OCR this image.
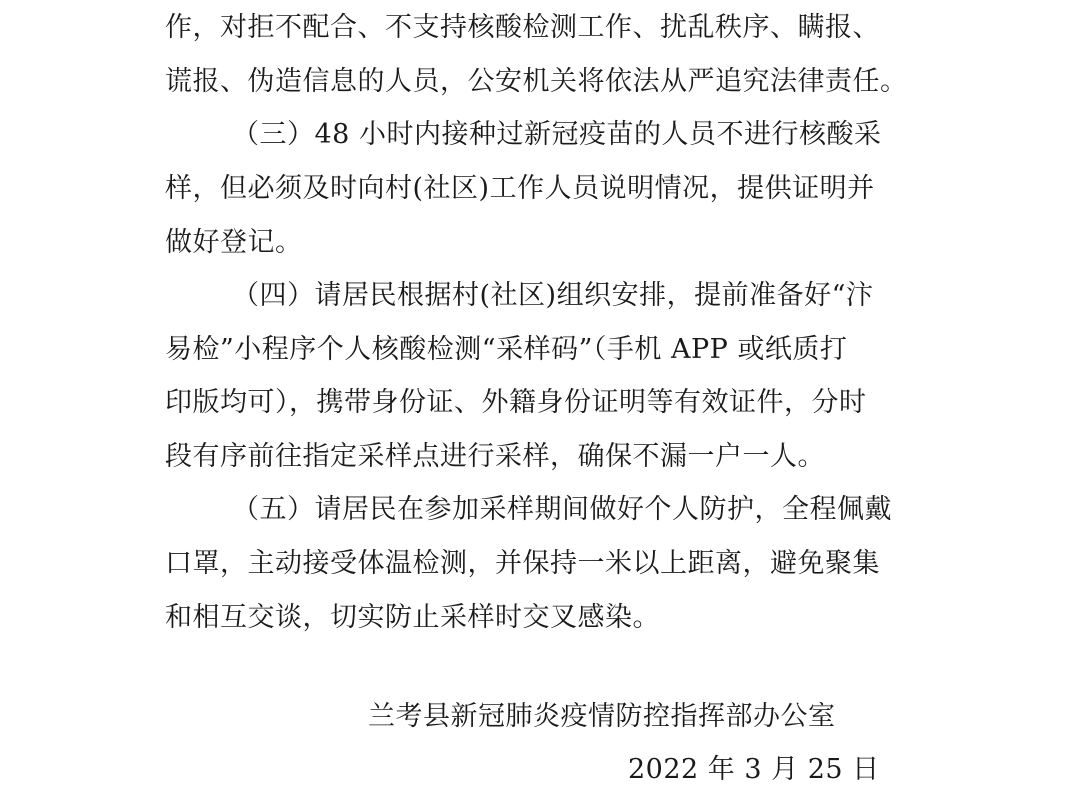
作，对拒不配合、不支持核酸检测工作、扰乱秩序、瞒报、
谎报、伪造信息的人员，公安机关将依法从严追究法律责任。
（三）48 小时内接种过新冠疫苗的人员不进行核酸采
样，但必须及时向村(社区)工作人员说明情况，提供证明并
做好登记。
（四）请居民根据村(社区)组织安排，提前准备好“汴
易检”小程序个人核酸检测“采样码”（手机 APP 或纸质打
印版均可），携带身份证、外籍身份证明等有效证件，分时
段有序前往指定采样点进行采样，确保不漏一户一人。
（五）请居民在参加采样期间做好个人防护，全程佩戴
口罩，主动接受体温检测，并保持一米以上距离，避免聚集
和相互交谈，切实防止采样时交叉感染。
兰考县新冠肺炎疫情防控指挥部办公室
2022 年 3 月 25 日
